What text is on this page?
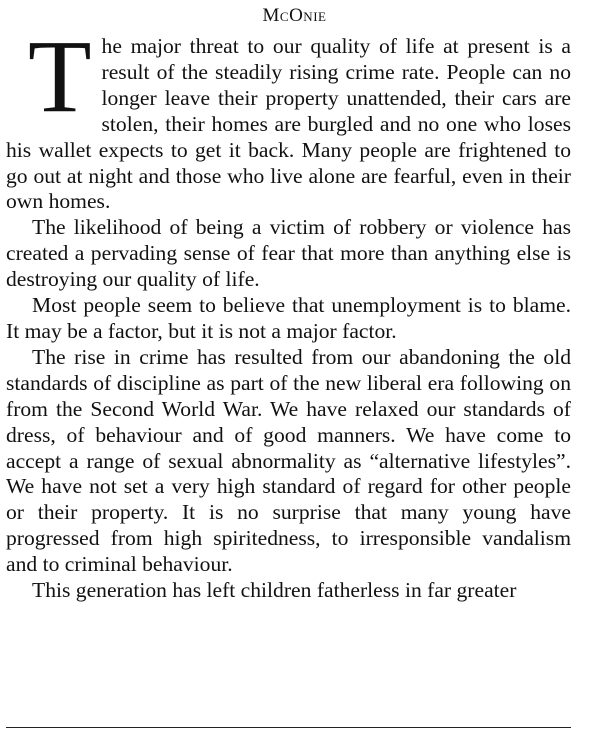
McOnie

The major threat to our quality of life at present is a result of the steadily rising crime rate. People can no longer leave their property unattended, their cars are stolen, their homes are burgled and no one who loses his wallet expects to get it back. Many people are frightened to go out at night and those who live alone are fearful, even in their own homes.

The likelihood of being a victim of robbery or violence has created a pervading sense of fear that more than anything else is destroying our quality of life.

Most people seem to believe that unemployment is to blame. It may be a factor, but it is not a major factor.

The rise in crime has resulted from our abandoning the old standards of discipline as part of the new liberal era following on from the Second World War. We have relaxed our standards of dress, of behaviour and of good manners. We have come to accept a range of sexual abnormality as “alternative lifestyles”. We have not set a very high standard of regard for other people or their property. It is no surprise that many young have progressed from high spiritedness, to irresponsible vandalism and to criminal behaviour.

This generation has left children fatherless in far greater
